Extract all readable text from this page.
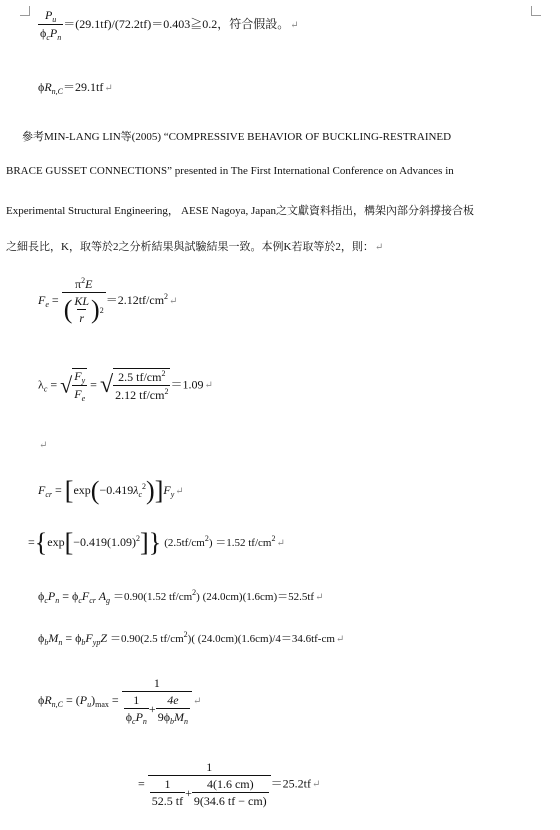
$\frac{P_u}{\phi_cP_n}$ ＝(29.1tf)/(72.2tf)＝0.403≧0.2，符合假設。↵
$\phi R_{n,C}=29.1tf↵$
參考MIN-LANG LIN等(2005) “COMPRESSIVE BEHAVIOR OF BUCKLING-RESTRAINED
BRACE GUSSET CONNECTIONS” presented in The First International Conference on Advances in
Experimental Structural Engineering， AESE Nagoya, Japan之文獻資料指出，構架內部分斜撐接合板
之細長比，K，取等於2之分析結果與試驗結果一致。本例K若取等於2，則：↵
$F_e = \frac{\pi^2E}{( \frac{KL}{r} ) 2}$ $=2.12tf/cm^2↵$
$\lambda_c$ = √ $\frac{F_y}{F_e}$ = √ $\frac{2.5 tf/cm^2}{2.12 tf/cm^2}$ ＝1.09↵
↵
$F_{cr}$ = $[\exp(-0.419\lambda_c^2)]F_y↵$
$=\{\exp[-0.419(1.09)^2]\}$ $(2.5tf/cm^2) =1.52$ $tf/cm^2↵$
$\phi_cP_n = \phi_cF_{cr}$ $A_g =0.90(1.52$ $tf/cm^2$) (24.0cm)(1.6cm)＝52.5tf↵
$\phi_bM_n = \phi_bF_{yp}Z =0.90(2.5$ $tf/cm^2$)( (24.0cm)(1.6cm)/4＝34.6tf-cm↵
$\phi R_{n,C} = (P_u)_{max} = \frac{1}{\frac{1}{\phi_cP_n} + \frac{4e}{9\phi_bM_n}}$ ↵
= $\frac{1}{\frac{1}{52.5 tf} + \frac{4(1.6 cm)}{9(34.6 tf - cm)}}$ ＝25.2tf↵
